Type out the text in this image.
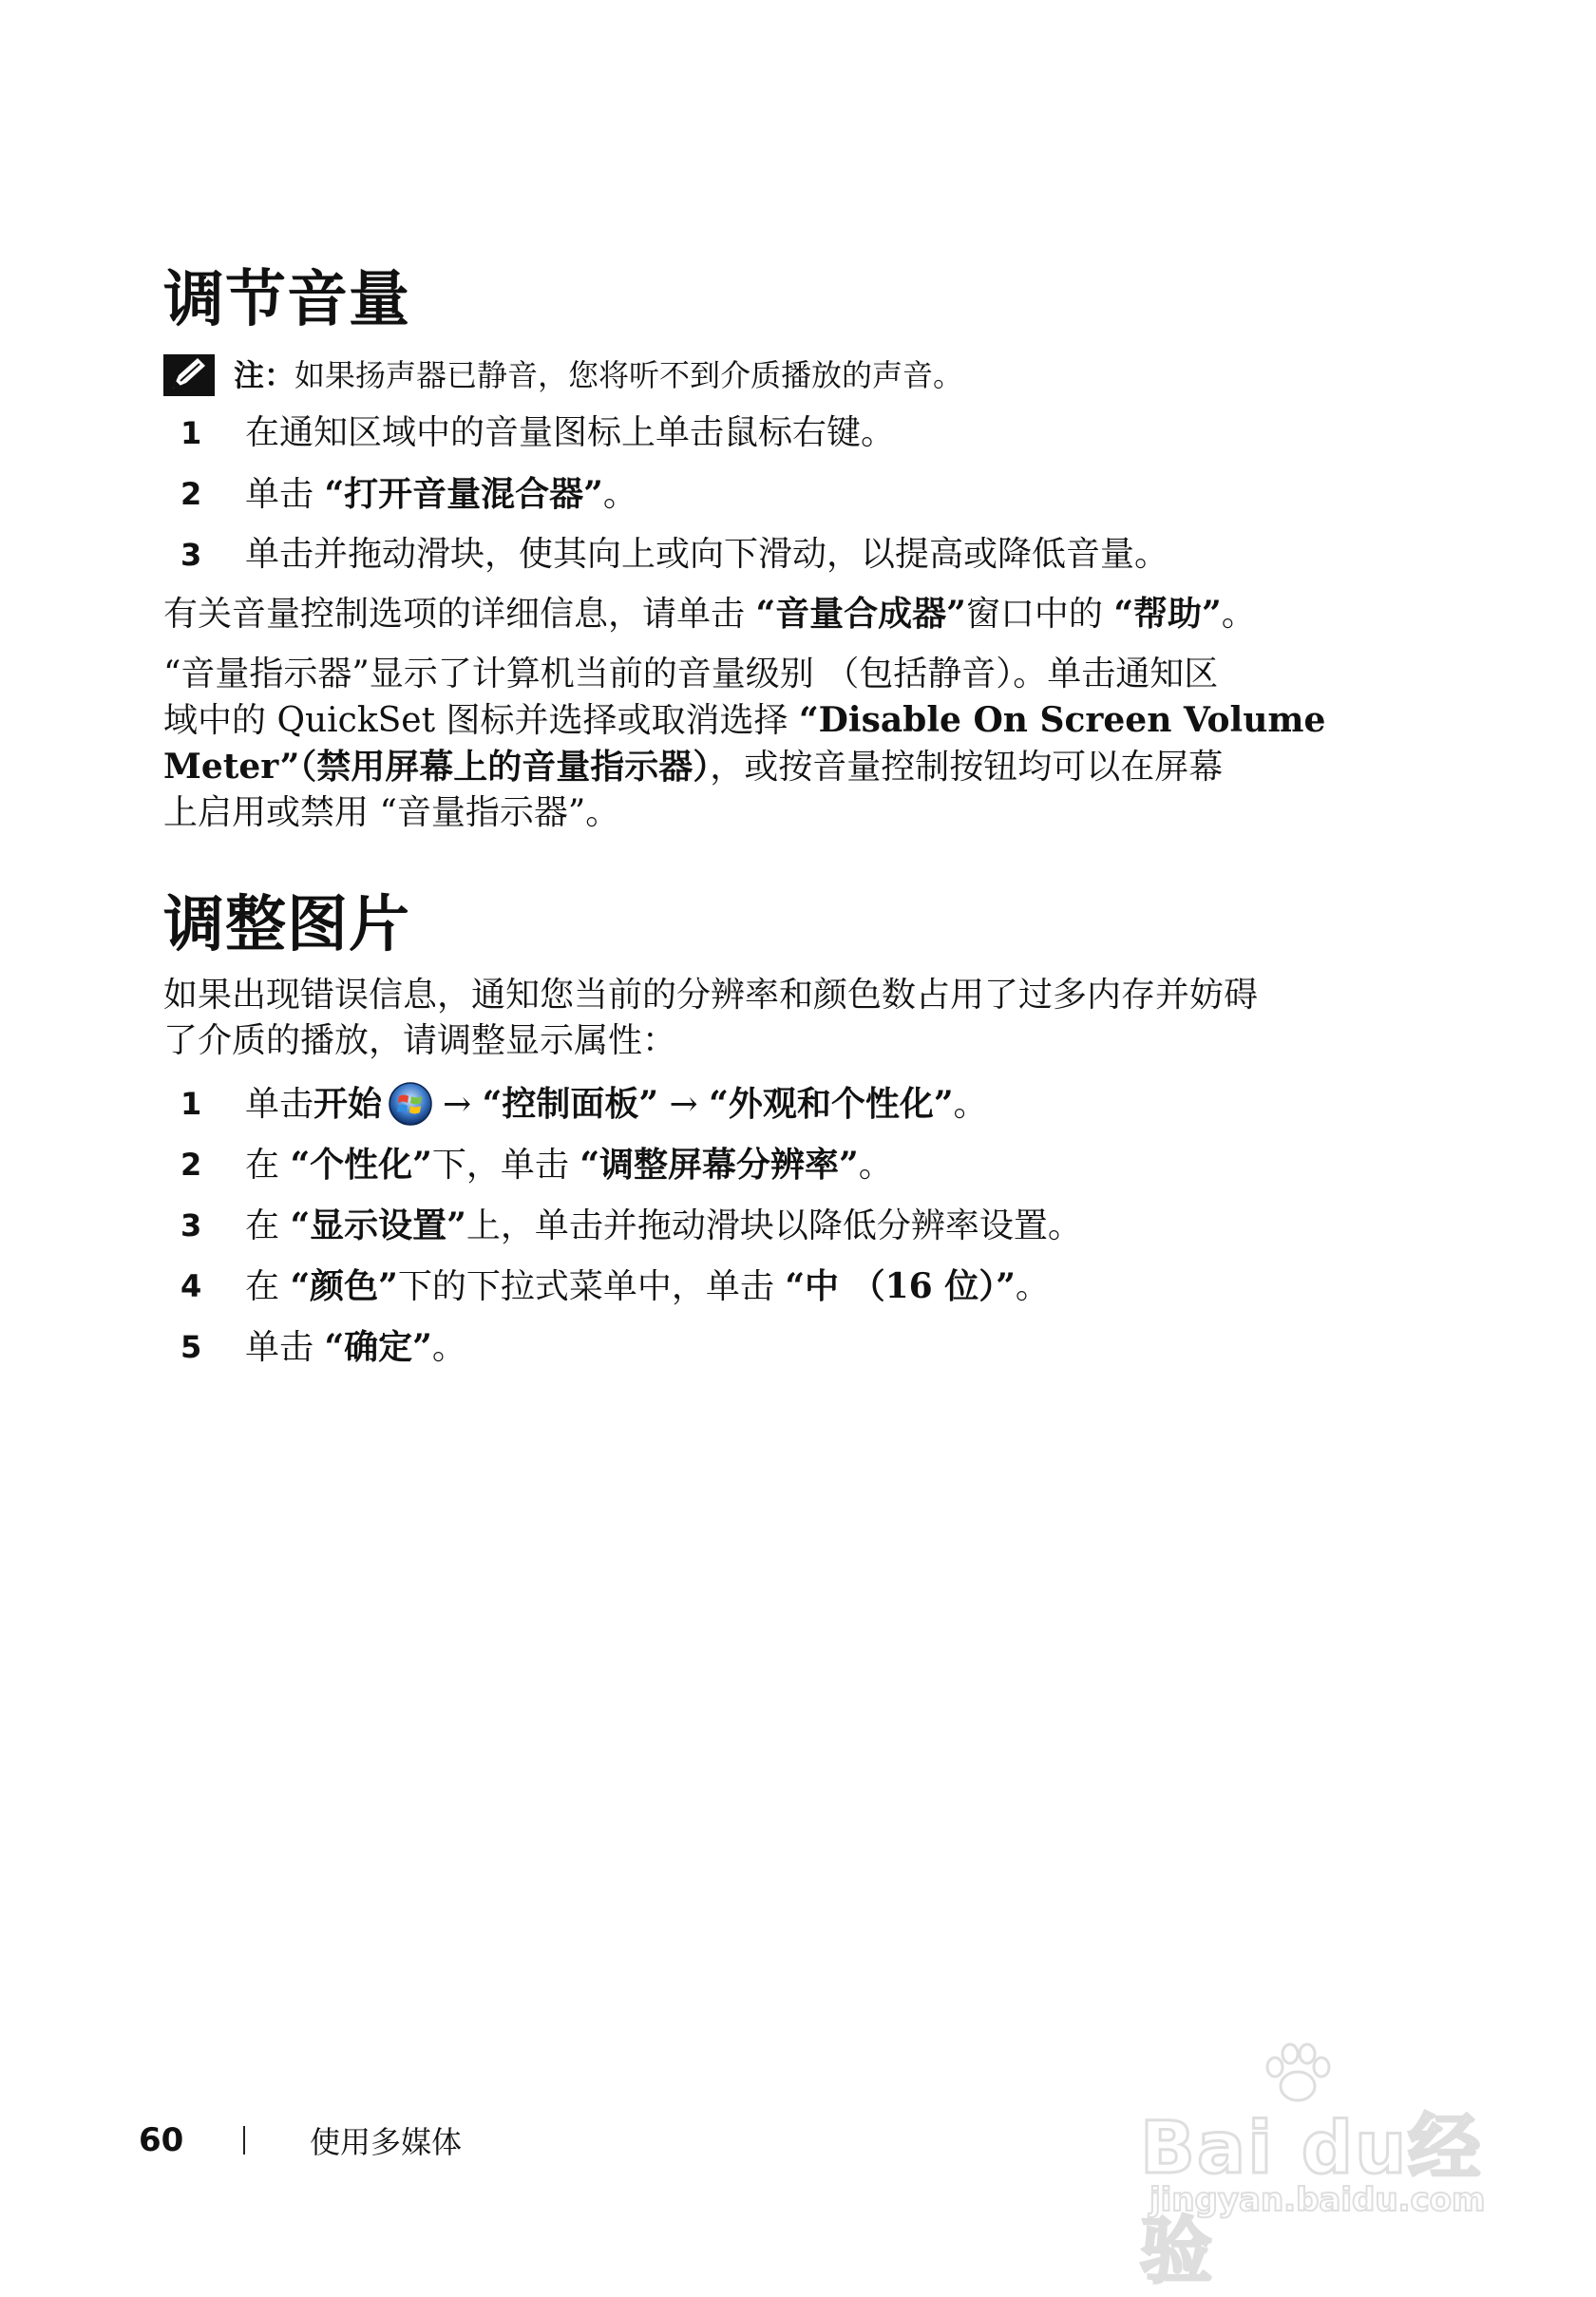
调节音量
注：如果扬声器已静音，您将听不到介质播放的声音。
1	在通知区域中的音量图标上单击鼠标右键。
2	单击 “打开音量混合器”。
3	单击并拖动滑块，使其向上或向下滑动，以提高或降低音量。

有关音量控制选项的详细信息，请单击 “音量合成器”窗口中的 “帮助”。

“音量指示器”显示了计算机当前的音量级别 （包括静音）。单击通知区
域中的 QuickSet 图标并选择或取消选择 “Disable On Screen Volume
Meter”（禁用屏幕上的音量指示器），或按音量控制按钮均可以在屏幕
上启用或禁用 “音量指示器”。

调整图片

如果出现错误信息，通知您当前的分辨率和颜色数占用了过多内存并妨碍
了介质的播放，请调整显示属性：

1	单击开始 → “控制面板” → “外观和个性化”。
2	在 “个性化”下，单击 “调整屏幕分辨率”。
3	在 “显示设置”上，单击并拖动滑块以降低分辨率设置。
4	在 “颜色”下的下拉式菜单中，单击 “中 （16 位）”。
5	单击 “确定”。
60	使用多媒体	Bai du经验
jingyan.baidu.com
